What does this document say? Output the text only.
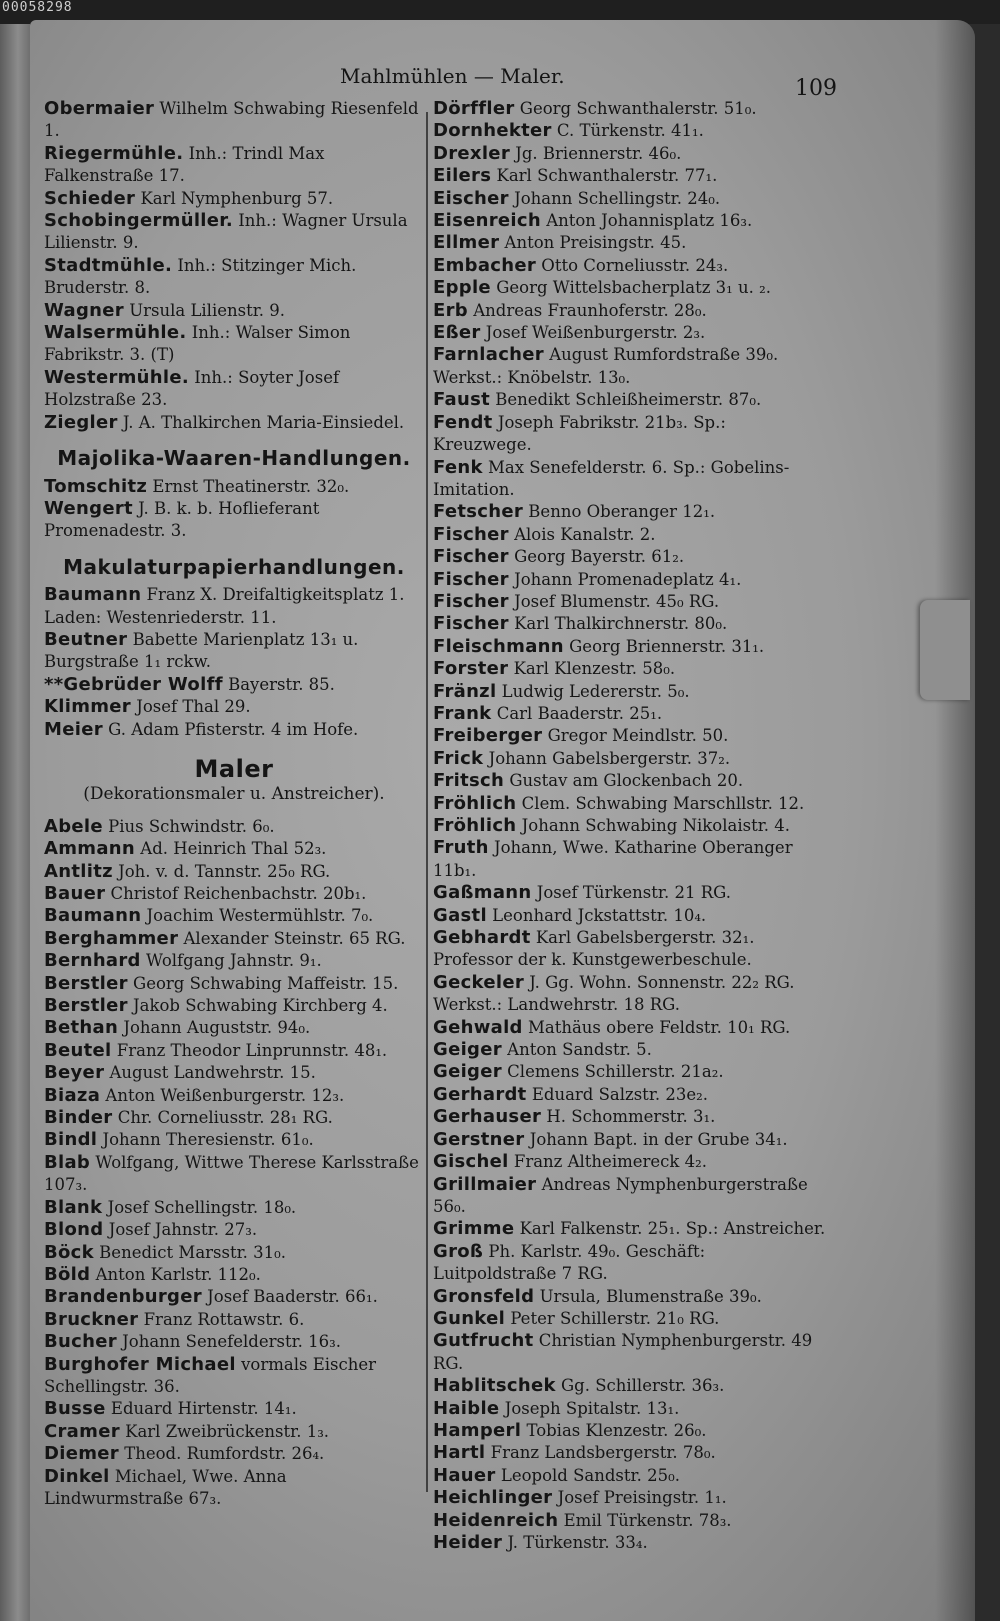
00058298
Mahlmühlen — Maler.	109
Obermaier Wilhelm Schwabing Riesenfeld 1.
Riegermühle. Inh.: Trindl Max Falkenstraße 17.
Schieder Karl Nymphenburg 57.
Schobingermüller. Inh.: Wagner Ursula Lilienstr. 9.
Stadtmühle. Inh.: Stitzinger Mich. Bruderstr. 8.
Wagner Ursula Lilienstr. 9.
Walsermühle. Inh.: Walser Simon Fabrikstr. 3. (T)
Westermühle. Inh.: Soyter Josef Holzstraße 23.
Ziegler J. A. Thalkirchen Maria-Einsiedel.
Majolika-Waaren-Handlungen.
Tomschitz Ernst Theatinerstr. 32₀.
Wengert J. B. k. b. Hoflieferant Promenadestr. 3.
Makulaturpapierhandlungen.
Baumann Franz X. Dreifaltigkeitsplatz 1. Laden: Westenriederstr. 11.
Beutner Babette Marienplatz 13₁ u. Burgstraße 1₁ rckw.
**Gebrüder Wolff Bayerstr. 85.
Klimmer Josef Thal 29.
Meier G. Adam Pfisterstr. 4 im Hofe.
Maler
(Dekorationsmaler u. Anstreicher).
Abele Pius Schwindstr. 6₀.
Ammann Ad. Heinrich Thal 52₃.
Antlitz Joh. v. d. Tannstr. 25₀ RG.
Bauer Christof Reichenbachstr. 20b₁.
Baumann Joachim Westermühlstr. 7₀.
Berghammer Alexander Steinstr. 65 RG.
Bernhard Wolfgang Jahnstr. 9₁.
Berstler Georg Schwabing Maffeistr. 15.
Berstler Jakob Schwabing Kirchberg 4.
Bethan Johann Auguststr. 94₀.
Beutel Franz Theodor Linprunnstr. 48₁.
Beyer August Landwehrstr. 15.
Biaza Anton Weißenburgerstr. 12₃.
Binder Chr. Corneliusstr. 28₁ RG.
Bindl Johann Theresienstr. 61₀.
Blab Wolfgang, Wittwe Therese Karlsstraße 107₃.
Blank Josef Schellingstr. 18₀.
Blond Josef Jahnstr. 27₃.
Böck Benedict Marsstr. 31₀.
Böld Anton Karlstr. 112₀.
Brandenburger Josef Baaderstr. 66₁.
Bruckner Franz Rottawstr. 6.
Bucher Johann Senefelderstr. 16₃.
Burghofer Michael vormals Eischer Schellingstr. 36.
Busse Eduard Hirtenstr. 14₁.
Cramer Karl Zweibrückenstr. 1₃.
Diemer Theod. Rumfordstr. 26₄.
Dinkel Michael, Wwe. Anna Lindwurmstraße 67₃.
Dörffler Georg Schwanthalerstr. 51₀.
Dornhekter C. Türkenstr. 41₁.
Drexler Jg. Briennerstr. 46₀.
Eilers Karl Schwanthalerstr. 77₁.
Eischer Johann Schellingstr. 24₀.
Eisenreich Anton Johannisplatz 16₃.
Ellmer Anton Preisingstr. 45.
Embacher Otto Corneliusstr. 24₃.
Epple Georg Wittelsbacherplatz 3₁ u. ₂.
Erb Andreas Fraunhoferstr. 28₀.
Eßer Josef Weißenburgerstr. 2₃.
Farnlacher August Rumfordstraße 39₀. Werkst.: Knöbelstr. 13₀.
Faust Benedikt Schleißheimerstr. 87₀.
Fendt Joseph Fabrikstr. 21b₃. Sp.: Kreuzwege.
Fenk Max Senefelderstr. 6. Sp.: Gobelins-Imitation.
Fetscher Benno Oberanger 12₁.
Fischer Alois Kanalstr. 2.
Fischer Georg Bayerstr. 61₂.
Fischer Johann Promenadeplatz 4₁.
Fischer Josef Blumenstr. 45₀ RG.
Fischer Karl Thalkirchnerstr. 80₀.
Fleischmann Georg Briennerstr. 31₁.
Forster Karl Klenzestr. 58₀.
Fränzl Ludwig Ledererstr. 5₀.
Frank Carl Baaderstr. 25₁.
Freiberger Gregor Meindlstr. 50.
Frick Johann Gabelsbergerstr. 37₂.
Fritsch Gustav am Glockenbach 20.
Fröhlich Clem. Schwabing Marschllstr. 12.
Fröhlich Johann Schwabing Nikolaistr. 4.
Fruth Johann, Wwe. Katharine Oberanger 11b₁.
Gaßmann Josef Türkenstr. 21 RG.
Gastl Leonhard Jckstattstr. 10₄.
Gebhardt Karl Gabelsbergerstr. 32₁. Professor der k. Kunstgewerbeschule.
Geckeler J. Gg. Wohn. Sonnenstr. 22₂ RG. Werkst.: Landwehrstr. 18 RG.
Gehwald Mathäus obere Feldstr. 10₁ RG.
Geiger Anton Sandstr. 5.
Geiger Clemens Schillerstr. 21a₂.
Gerhardt Eduard Salzstr. 23e₂.
Gerhauser H. Schommerstr. 3₁.
Gerstner Johann Bapt. in der Grube 34₁.
Gischel Franz Altheimereck 4₂.
Grillmaier Andreas Nymphenburgerstraße 56₀.
Grimme Karl Falkenstr. 25₁. Sp.: Anstreicher.
Groß Ph. Karlstr. 49₀. Geschäft: Luitpoldstraße 7 RG.
Gronsfeld Ursula, Blumenstraße 39₀.
Gunkel Peter Schillerstr. 21₀ RG.
Gutfrucht Christian Nymphenburgerstr. 49 RG.
Hablitschek Gg. Schillerstr. 36₃.
Haible Joseph Spitalstr. 13₁.
Hamperl Tobias Klenzestr. 26₀.
Hartl Franz Landsbergerstr. 78₀.
Hauer Leopold Sandstr. 25₀.
Heichlinger Josef Preisingstr. 1₁.
Heidenreich Emil Türkenstr. 78₃.
Heider J. Türkenstr. 33₄.
